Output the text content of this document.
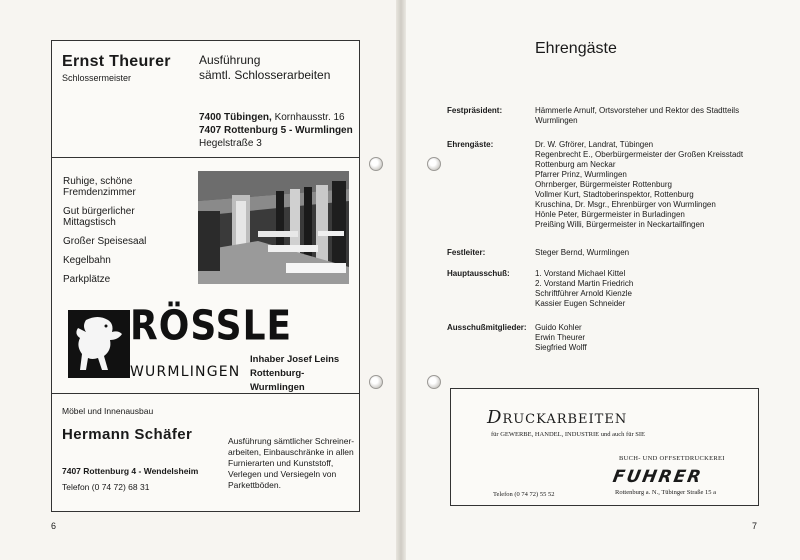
Ernst Theurer
Schlossermeister
Ausführung
sämtl. Schlosserarbeiten
7400 Tübingen, Kornhausstr. 16
7407 Rottenburg 5 - Wurmlingen
Hegelstraße 3
Ruhige, schöne
Fremdenzimmer
Gut bürgerlicher
Mittagstisch
Großer Speisesaal
Kegelbahn
Parkplätze
RÖSSLE
WURMLINGEN
Inhaber Josef Leins
Rottenburg-Wurmlingen
Möbel und Innenausbau
Hermann Schäfer
7407 Rottenburg 4 - Wendelsheim
Telefon (0 74 72) 68 31
Ausführung sämtlicher Schreiner-
arbeiten, Einbauschränke in allen
Furnierarten und Kunststoff,
Verlegen und Versiegeln von
Parkettböden.
6
Ehrengäste
Festpräsident:	Hämmerle Arnulf, Ortsvorsteher und Rektor des Stadtteils
Wurmlingen
Ehrengäste:	Dr. W. Gfrörer, Landrat, Tübingen
Regenbrecht E., Oberbürgermeister der Großen Kreisstadt
Rottenburg am Neckar
Pfarrer Prinz, Wurmlingen
Ohrnberger, Bürgermeister Rottenburg
Vollmer Kurt, Stadtoberinspektor, Rottenburg
Kruschina, Dr. Msgr., Ehrenbürger von Wurmlingen
Hönle Peter, Bürgermeister in Burladingen
Preißing Willi, Bürgermeister in Neckartailfingen
Festleiter:	Steger Bernd, Wurmlingen
Hauptausschuß:	1. Vorstand Michael Kittel
2. Vorstand Martin Friedrich
Schriftführer Arnold Kienzle
Kassier Eugen Schneider
Ausschußmitglieder: Guido Kohler
Erwin Theurer
Siegfried Wolff
DRUCKARBEITEN
für GEWERBE, HANDEL, INDUSTRIE und auch für SIE
BUCH- UND OFFSETDRUCKEREI
FUHRER
Telefon (0 74 72) 55 52	Rottenburg a. N., Tübinger Straße 15 a
7
